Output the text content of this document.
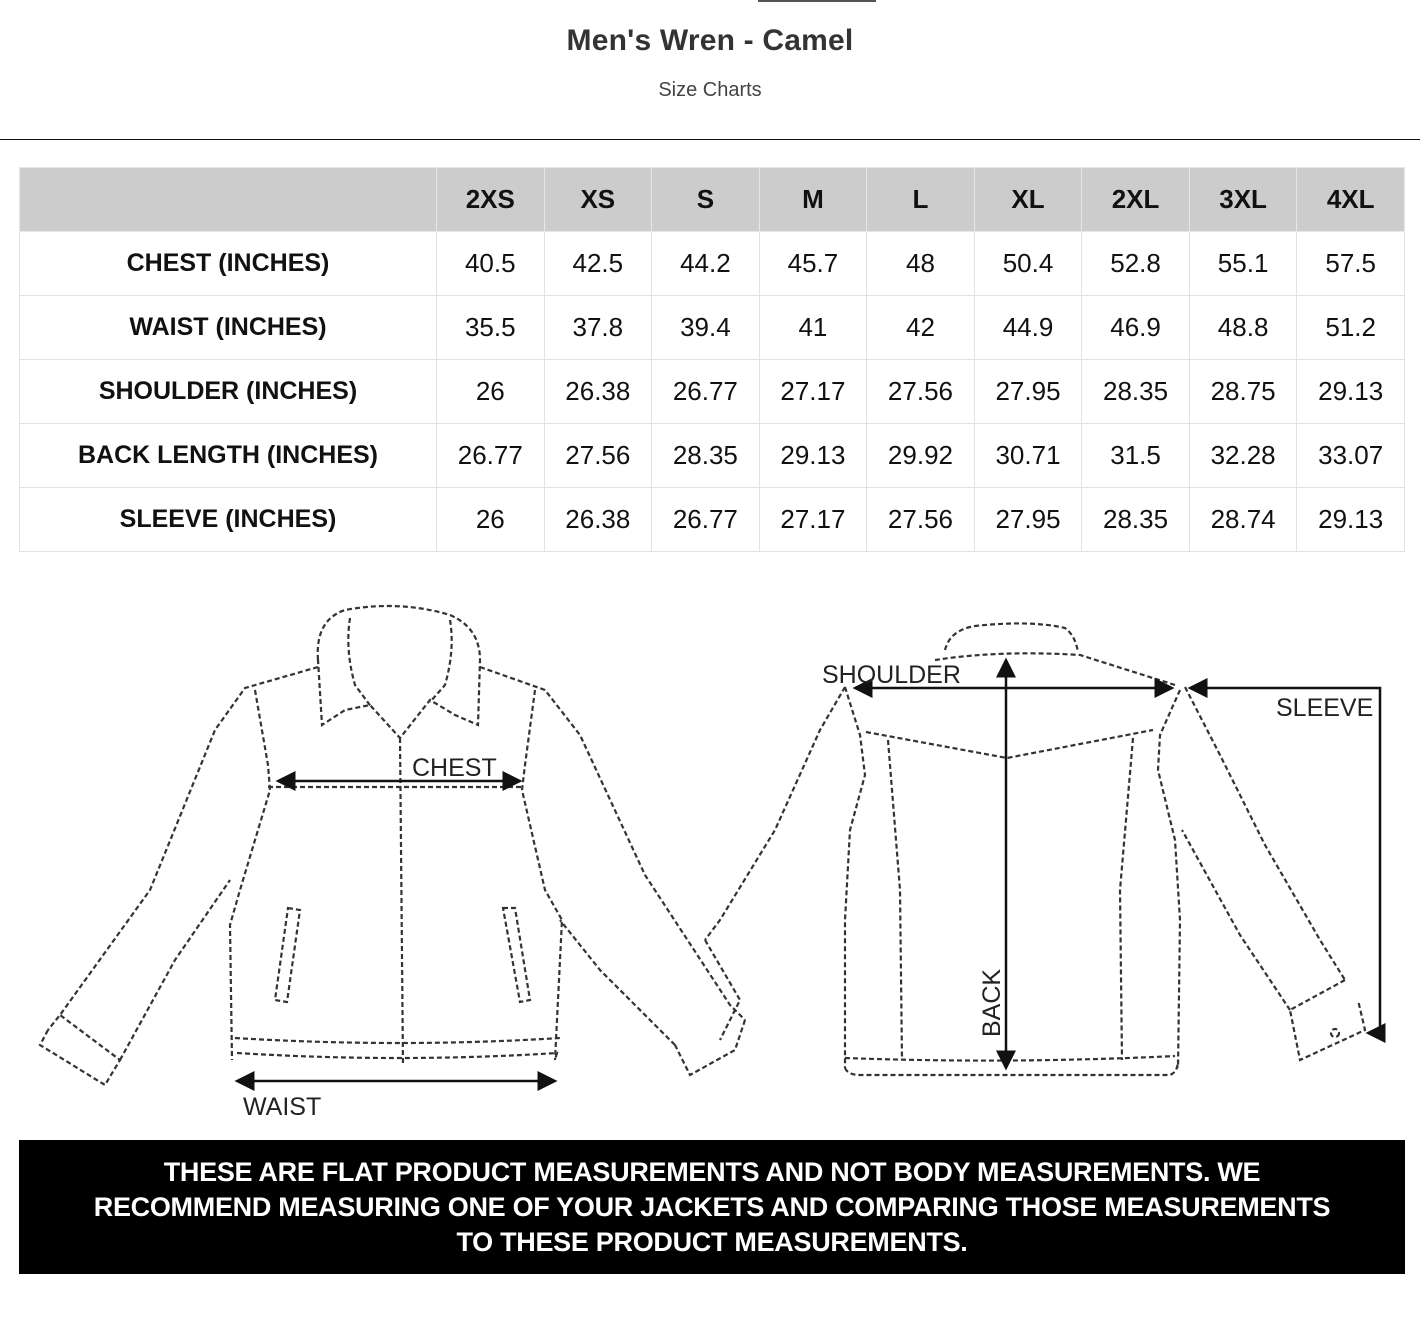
Men's Wren - Camel
Size Charts
	2XS	XS	S	M	L	XL	2XL	3XL	4XL
CHEST (INCHES)	40.5	42.5	44.2	45.7	48	50.4	52.8	55.1	57.5
WAIST (INCHES)	35.5	37.8	39.4	41	42	44.9	46.9	48.8	51.2
SHOULDER (INCHES)	26	26.38	26.77	27.17	27.56	27.95	28.35	28.75	29.13
BACK LENGTH (INCHES)	26.77	27.56	28.35	29.13	29.92	30.71	31.5	32.28	33.07
SLEEVE (INCHES)	26	26.38	26.77	27.17	27.56	27.95	28.35	28.74	29.13
CHEST
WAIST
SHOULDER
BACK
SLEEVE
THESE ARE FLAT PRODUCT MEASUREMENTS AND NOT BODY MEASUREMENTS. WE RECOMMEND MEASURING ONE OF YOUR JACKETS AND COMPARING THOSE MEASUREMENTS TO THESE PRODUCT MEASUREMENTS.
